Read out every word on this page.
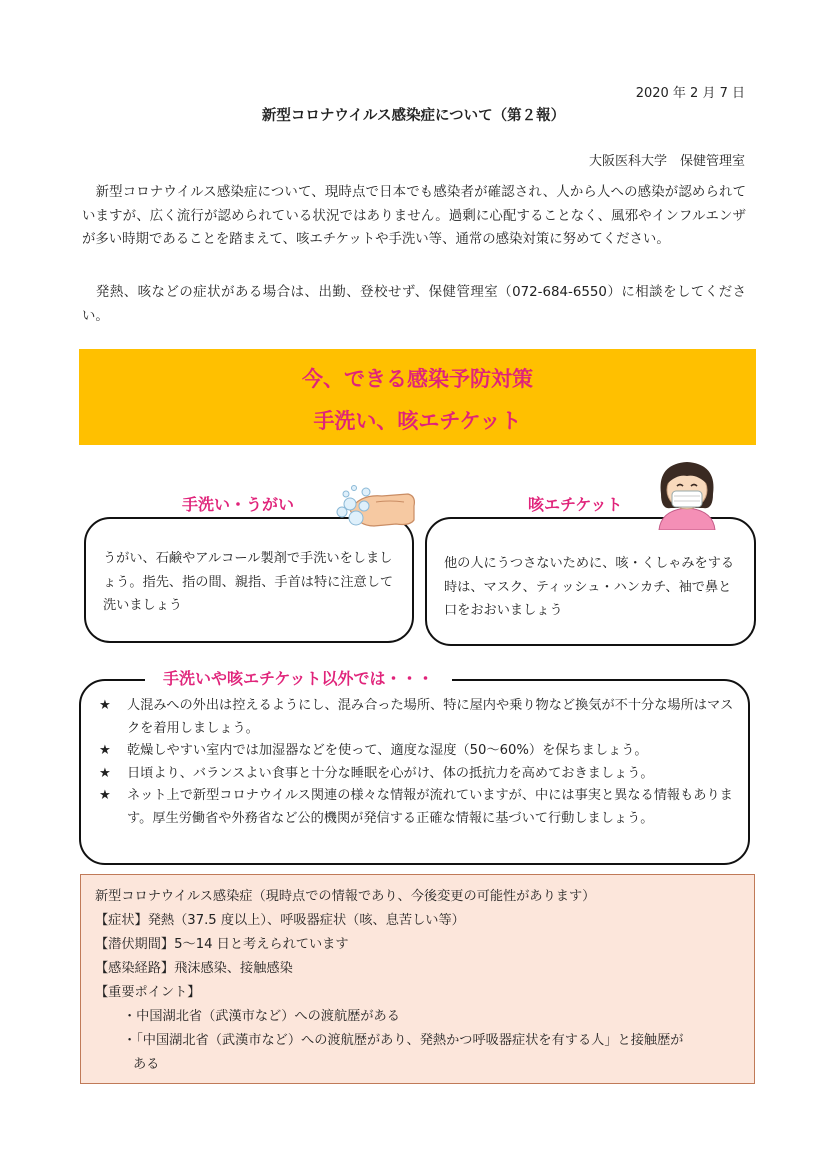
2020 年 2 月 7 日
新型コロナウイルス感染症について（第２報）
大阪医科大学　保健管理室
　新型コロナウイルス感染症について、現時点で日本でも感染者が確認され、人から人への感染が認められていますが、広く流行が認められている状況ではありません。過剰に心配することなく、風邪やインフルエンザが多い時期であることを踏まえて、咳エチケットや手洗い等、通常の感染対策に努めてください。
　発熱、咳などの症状がある場合は、出勤、登校せず、保健管理室（072-684-6550）に相談をしてください。
今、できる感染予防対策
手洗い、咳エチケット
うがい、石鹸やアルコール製剤で手洗いをしましょう。指先、指の間、親指、手首は特に注意して洗いましょう
手洗い・うがい
他の人にうつさないために、咳・くしゃみをする時は、マスク、ティッシュ・ハンカチ、袖で鼻と口をおおいましょう
咳エチケット
★ 人混みへの外出は控えるようにし、混み合った場所、特に屋内や乗り物など換気が不十分な場所はマスクを着用しましょう。
★ 乾燥しやすい室内では加湿器などを使って、適度な湿度（50～60%）を保ちましょう。
★ 日頃より、バランスよい食事と十分な睡眠を心がけ、体の抵抗力を高めておきましょう。
★ ネット上で新型コロナウイルス関連の様々な情報が流れていますが、中には事実と異なる情報もあります。厚生労働省や外務省など公的機関が発信する正確な情報に基づいて行動しましょう。
手洗いや咳エチケット以外では・・・
新型コロナウイルス感染症（現時点での情報であり、今後変更の可能性があります）
【症状】発熱（37.5 度以上）、呼吸器症状（咳、息苦しい等）
【潜伏期間】5～14 日と考えられています
【感染経路】飛沫感染、接触感染
【重要ポイント】
・中国湖北省（武漢市など）への渡航歴がある
・「中国湖北省（武漢市など）への渡航歴があり、発熱かつ呼吸器症状を有する人」と接触歴が
ある
